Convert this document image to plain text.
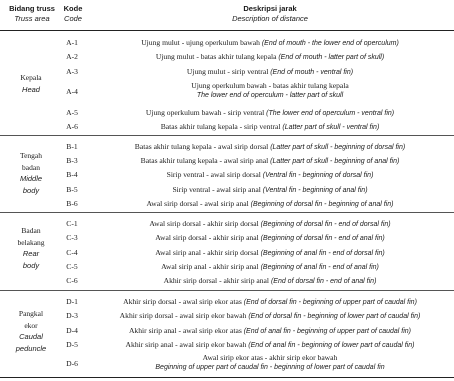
Bidang truss
Truss area
Kode
Code
Deskripsi jarak
Description of distance
Kepala
Head
A-1	Ujung mulut - ujung operkulum bawah (End of mouth - the lower end of operculum)
A-2	Ujung mulut - batas akhir tulang kepala (End of mouth - latter part of skull)
A-3	Ujung mulut - sirip ventral (End of mouth - ventral fin)
A-4
Ujung operkulum bawah - batas akhir tulang kepala
The lower end of operculum - latter part of skull
A-5	Ujung operkulum bawah - sirip ventral (The lower end of operculum - ventral fin)
A-6	Batas akhir tulang kepala - sirip ventral (Latter part of skull - ventral fin)
Tengah
badan
Middle
body
B-1	Batas akhir tulang kepala - awal sirip dorsal (Latter part of skull - beginning of dorsal fin)
B-3	Batas akhir tulang kepala - awal sirip anal (Latter part of skull - beginning of anal fin)
B-4	Sirip ventral - awal sirip dorsal (Ventral fin - beginning of dorsal fin)
B-5	Sirip ventral - awal sirip anal (Ventral fin - beginning of anal fin)
B-6	Awal sirip dorsal - awal sirip anal (Beginning of dorsal fin - beginning of anal fin)
Badan
belakang
Rear
body
C-1	Awal sirip dorsal - akhir sirip dorsal (Beginning of dorsal fin - end of dorsal fin)
C-3	Awal sirip dorsal - akhir sirip anal (Beginning of dorsal fin - end of anal fin)
C-4	Awal sirip anal - akhir sirip dorsal (Beginning of anal fin - end of dorsal fin)
C-5	Awal sirip anal - akhir sirip anal (Beginning of anal fin - end of anal fin)
C-6	Akhir sirip dorsal - akhir sirip anal (End of dorsal fin - end of anal fin)
Pangkal
ekor
Caudal
peduncle
D-1	Akhir sirip dorsal - awal sirip ekor atas (End of dorsal fin - beginning of upper part of caudal fin)
D-3	Akhir sirip dorsal - awal sirip ekor bawah (End of dorsal fin - beginning of lower part of caudal fin)
D-4	Akhir sirip anal - awal sirip ekor atas (End of anal fin - beginning of upper part of caudal fin)
D-5	Akhir sirip anal - awal sirip ekor bawah (End of anal fin - beginning of lower part of caudal fin)
D-6
Awal sirip ekor atas - akhir sirip ekor bawah
Beginning of upper part of caudal fin - beginning of lower part of caudal fin
